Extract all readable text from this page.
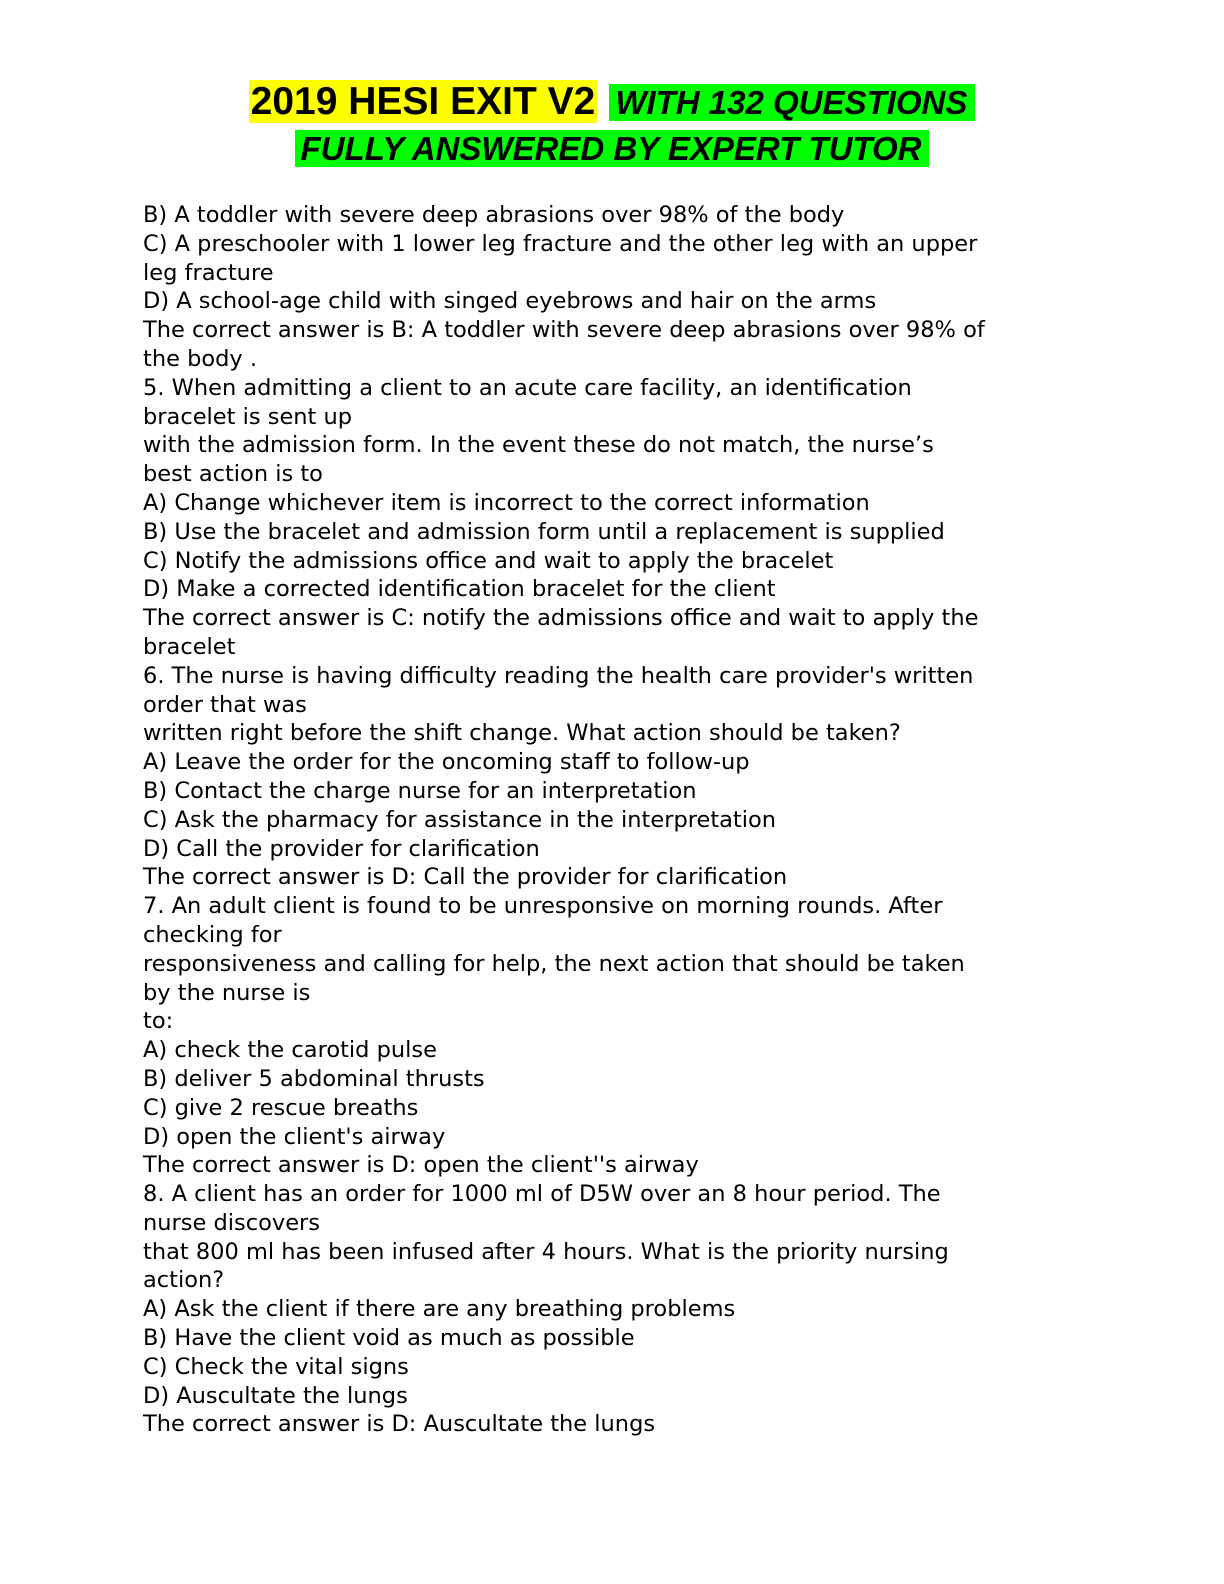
2019 HESI EXIT V2 WITH 132 QUESTIONS
FULLY ANSWERED BY EXPERT TUTOR
B) A toddler with severe deep abrasions over 98% of the body
C) A preschooler with 1 lower leg fracture and the other leg with an upper
leg fracture
D) A school-age child with singed eyebrows and hair on the arms
The correct answer is B: A toddler with severe deep abrasions over 98% of
the body .
5. When admitting a client to an acute care facility, an identification
bracelet is sent up
with the admission form. In the event these do not match, the nurse’s
best action is to
A) Change whichever item is incorrect to the correct information
B) Use the bracelet and admission form until a replacement is supplied
C) Notify the admissions office and wait to apply the bracelet
D) Make a corrected identification bracelet for the client
The correct answer is C: notify the admissions office and wait to apply the
bracelet
6. The nurse is having difficulty reading the health care provider's written
order that was
written right before the shift change. What action should be taken?
A) Leave the order for the oncoming staff to follow-up
B) Contact the charge nurse for an interpretation
C) Ask the pharmacy for assistance in the interpretation
D) Call the provider for clarification
The correct answer is D: Call the provider for clarification
7. An adult client is found to be unresponsive on morning rounds. After
checking for
responsiveness and calling for help, the next action that should be taken
by the nurse is
to:
A) check the carotid pulse
B) deliver 5 abdominal thrusts
C) give 2 rescue breaths
D) open the client's airway
The correct answer is D: open the client''s airway
8. A client has an order for 1000 ml of D5W over an 8 hour period. The
nurse discovers
that 800 ml has been infused after 4 hours. What is the priority nursing
action?
A) Ask the client if there are any breathing problems
B) Have the client void as much as possible
C) Check the vital signs
D) Auscultate the lungs
The correct answer is D: Auscultate the lungs
